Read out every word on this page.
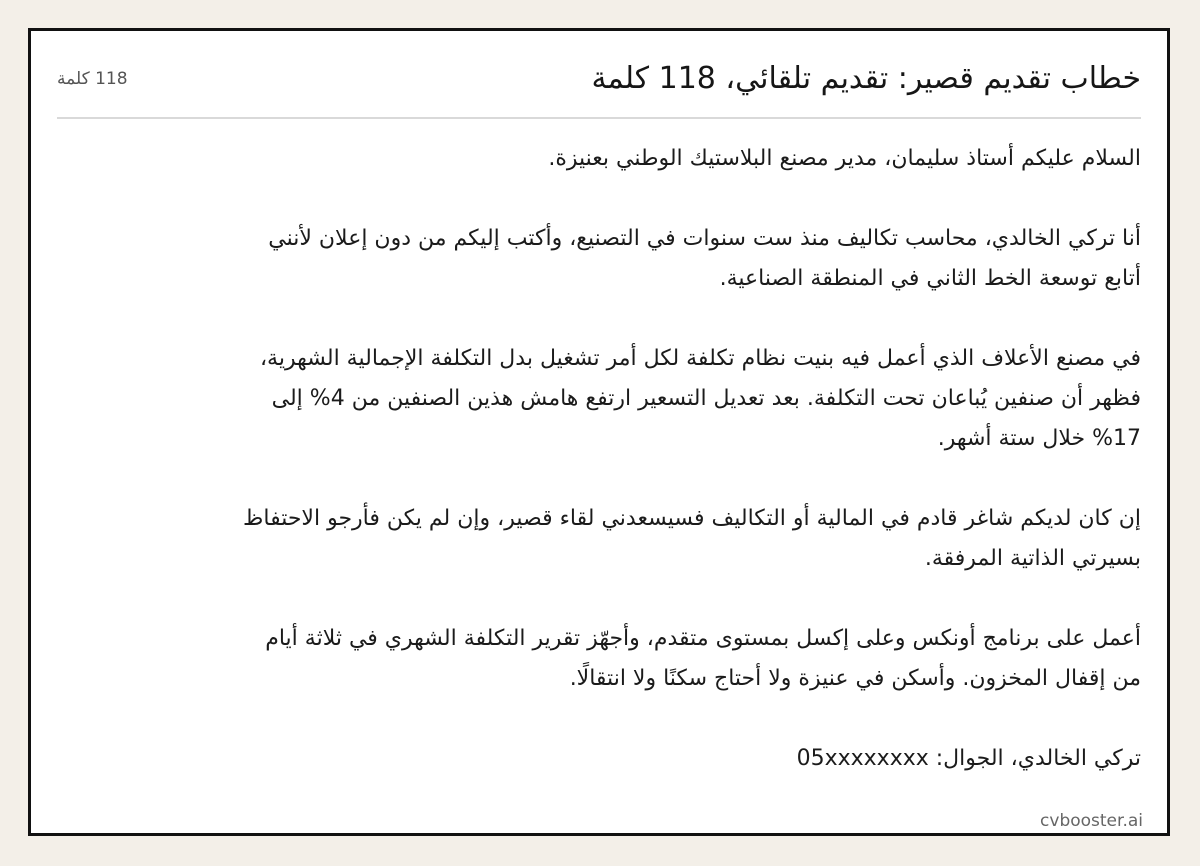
خطاب تقديم قصير: تقديم تلقائي، 118 كلمة
118 كلمة

السلام عليكم أستاذ سليمان، مدير مصنع البلاستيك الوطني بعنيزة.

أنا تركي الخالدي، محاسب تكاليف منذ ست سنوات في التصنيع، وأكتب إليكم من دون إعلان لأنني أتابع توسعة الخط الثاني في المنطقة الصناعية.

في مصنع الأعلاف الذي أعمل فيه بنيت نظام تكلفة لكل أمر تشغيل بدل التكلفة الإجمالية الشهرية، فظهر أن صنفين يُباعان تحت التكلفة. بعد تعديل التسعير ارتفع هامش هذين الصنفين من 4% إلى 17% خلال ستة أشهر.

إن كان لديكم شاغر قادم في المالية أو التكاليف فسيسعدني لقاء قصير، وإن لم يكن فأرجو الاحتفاظ بسيرتي الذاتية المرفقة.

أعمل على برنامج أونكس وعلى إكسل بمستوى متقدم، وأجهّز تقرير التكلفة الشهري في ثلاثة أيام من إقفال المخزون. وأسكن في عنيزة ولا أحتاج سكنًا ولا انتقالًا.

تركي الخالدي، الجوال: 05xxxxxxxx

cvbooster.ai
